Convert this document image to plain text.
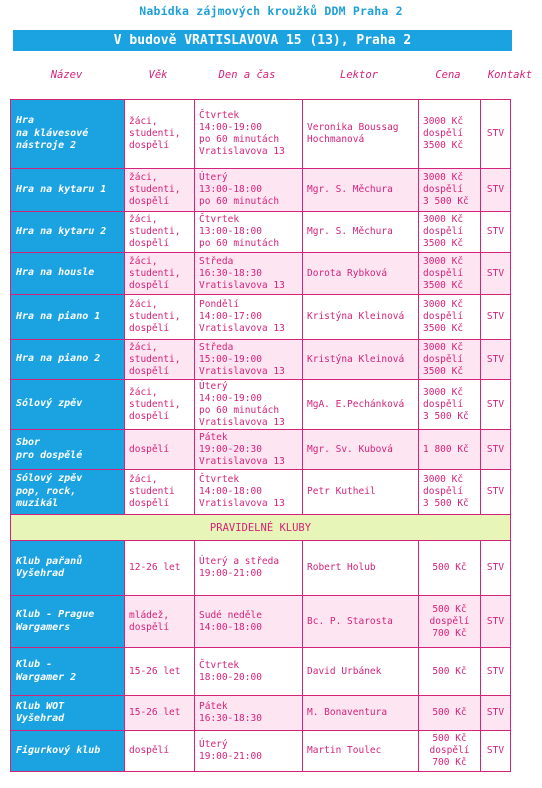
Nabídka zájmových kroužků DDM Praha 2
V budově VRATISLAVOVA 15 (13), Praha 2
Název	Věk	Den a čas	Lektor	Cena	Kontakt
Hra
na klávesové
nástroje 2	žáci,
studenti,
dospělí	Čtvrtek
14:00-19:00
po 60 minutách
Vratislavova 13	Veronika Boussag
Hochmanová	3000 Kč
dospělí
3500 Kč	STV
Hra na kytaru 1	žáci,
studenti,
dospělí	Úterý
13:00-18:00
po 60 minutách	Mgr. S. Měchura	3000 Kč
dospělí
3 500 Kč	STV
Hra na kytaru 2	žáci,
studenti,
dospělí	Čtvrtek
13:00-18:00
po 60 minutách	Mgr. S. Měchura	3000 Kč
dospělí
3500 Kč	STV
Hra na housle	žáci,
studenti,
dospělí	Středa
16:30-18:30
Vratislavova 13	Dorota Rybková	3000 Kč
dospělí
3500 Kč	STV
Hra na piano 1	žáci,
studenti,
dospělí	Pondělí
14:00-17:00
Vratislavova 13	Kristýna Kleinová	3000 Kč
dospělí
3500 Kč	STV
Hra na piano 2	žáci,
studenti,
dospělí	Středa
15:00-19:00
Vratislavova 13	Kristýna Kleinová	3000 Kč
dospělí
3500 Kč	STV
Sólový zpěv	žáci,
studenti,
dospělí	Úterý
14:00-19:00
po 60 minutách
Vratislavova 13	MgA. E.Pechánková	3000 Kč
dospělí
3 500 Kč	STV
Sbor
pro dospělé	dospělí	Pátek
19:00-20:30
Vratislavova 13	Mgr. Sv. Kubová	1 800 Kč	STV
Sólový zpěv
pop, rock,
muzikál	žáci,
studenti
dospělí	Čtvrtek
14:00-18:00
Vratislavova 13	Petr Kutheil	3000 Kč
dospělí
3 500 Kč	STV
PRAVIDELNÉ KLUBY					
Klub pařanů
Vyšehrad	12-26 let	Úterý a středa
19:00-21:00	Robert Holub	500 Kč	STV
Klub - Prague
Wargamers	mládež,
dospělí	Sudé neděle
14:00-18:00	Bc. P. Starosta	500 Kč
dospělí
700 Kč	STV
Klub -
Wargamer 2	15-26 let	Čtvrtek
18:00-20:00	David Urbánek	500 Kč	STV
Klub WOT
Vyšehrad	15-26 let	Pátek
16:30-18:30	M. Bonaventura	500 Kč	STV
Figurkový klub	dospělí	Úterý
19:00-21:00	Martin Toulec	500 Kč
dospělí
700 Kč	STV
